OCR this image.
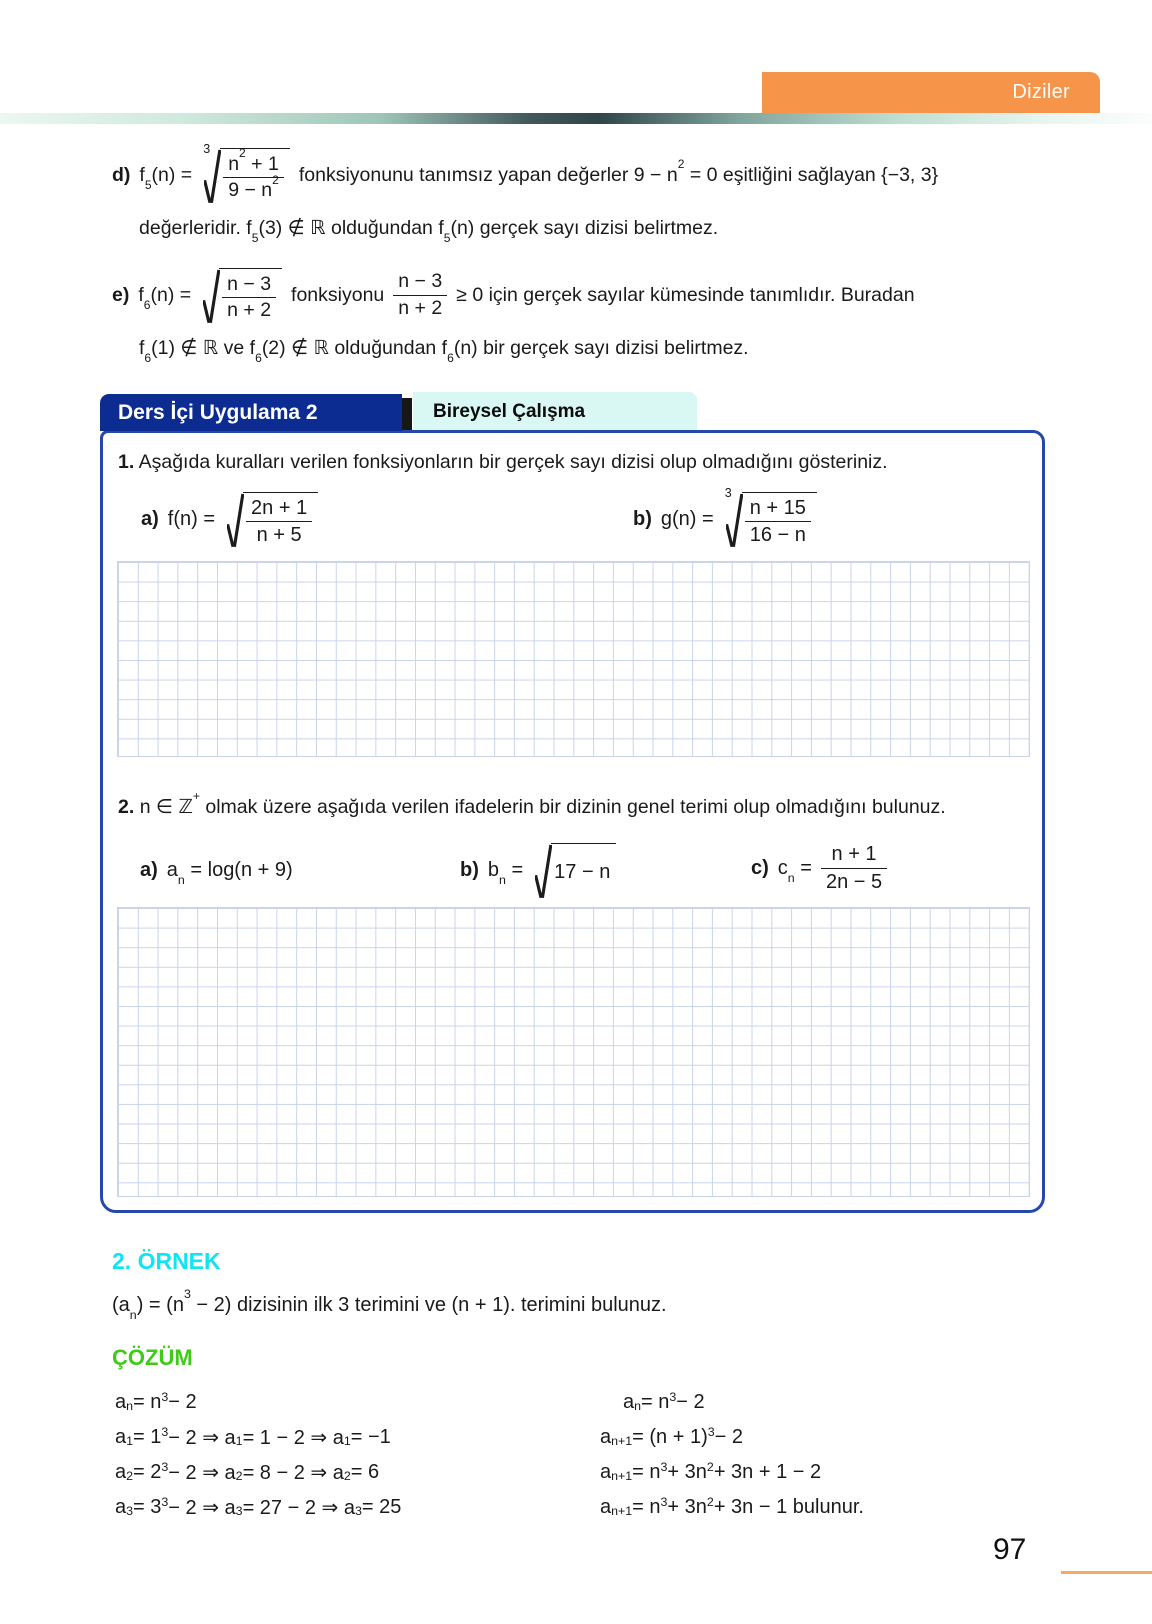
Diziler
d) $f_5(n)$ =
3
$\frac{n^2 + 1}{9 - n^2}$ fonksiyonunu tanımsız yapan değerler $9 - n^2 = 0$ eşitliğini sağlayan {−3, 3}
değerleridir. $f_5(3)$ ∉ ℝ olduğundan $f_5(n)$ gerçek sayı dizisi belirtmez.
e) $f_6(n) = \frac{n - 3}{n + 2}$ fonksiyonu $\frac{n - 3}{n + 2} \ge 0$ için gerçek sayılar kümesinde tanımlıdır. Buradan
$f_6(1)$ ∉ ℝ ve $f_6(2)$ ∉ ℝ olduğundan $f_6(n)$ bir gerçek sayı dizisi belirtmez.
Ders İçi Uygulama 2	Bireysel Çalışma
1. Aşağıda kuralları verilen fonksiyonların bir gerçek sayı dizisi olup olmadığını gösteriniz.
a) $f(n) = \frac{2n + 1}{n + 5}$	b) g(n) =
3
$\frac{n + 15}{16 - n}$
2. n ∈ ℤ+ olmak üzere aşağıda verilen ifadelerin bir dizinin genel terimi olup olmadığını bulunuz.
a) $a_n = \log(n + 9)$	b) $b_n = 17 - n$	c) $c_n = \frac{n + 1}{2n - 5}$
2. ÖRNEK
$(a_n) = (n^3 - 2)$ dizisinin ilk 3 terimini ve (n + 1). terimini bulunuz.
ÇÖZÜM
$a_n = n^3 - 2$
$a_1 = 1^3 - 2$ ⇒ $a_1 = 1 - 2$ ⇒ $a_1 = -1$
$a_2 = 2^3 - 2$ ⇒ $a_2 = 8 - 2$ ⇒ $a_2 = 6$
$a_3 = 3^3 - 2$ ⇒ $a_3 = 27 - 2$ ⇒ $a_3 = 25$
$a_n = n^3 - 2$
$a_{n+1} = (n + 1)^3 - 2$
$a_{n+1} = n^3 + 3n^2 + 3n + 1 - 2$
$a_{n+1} = n^3 + 3n^2 + 3n - 1$ bulunur.
97
